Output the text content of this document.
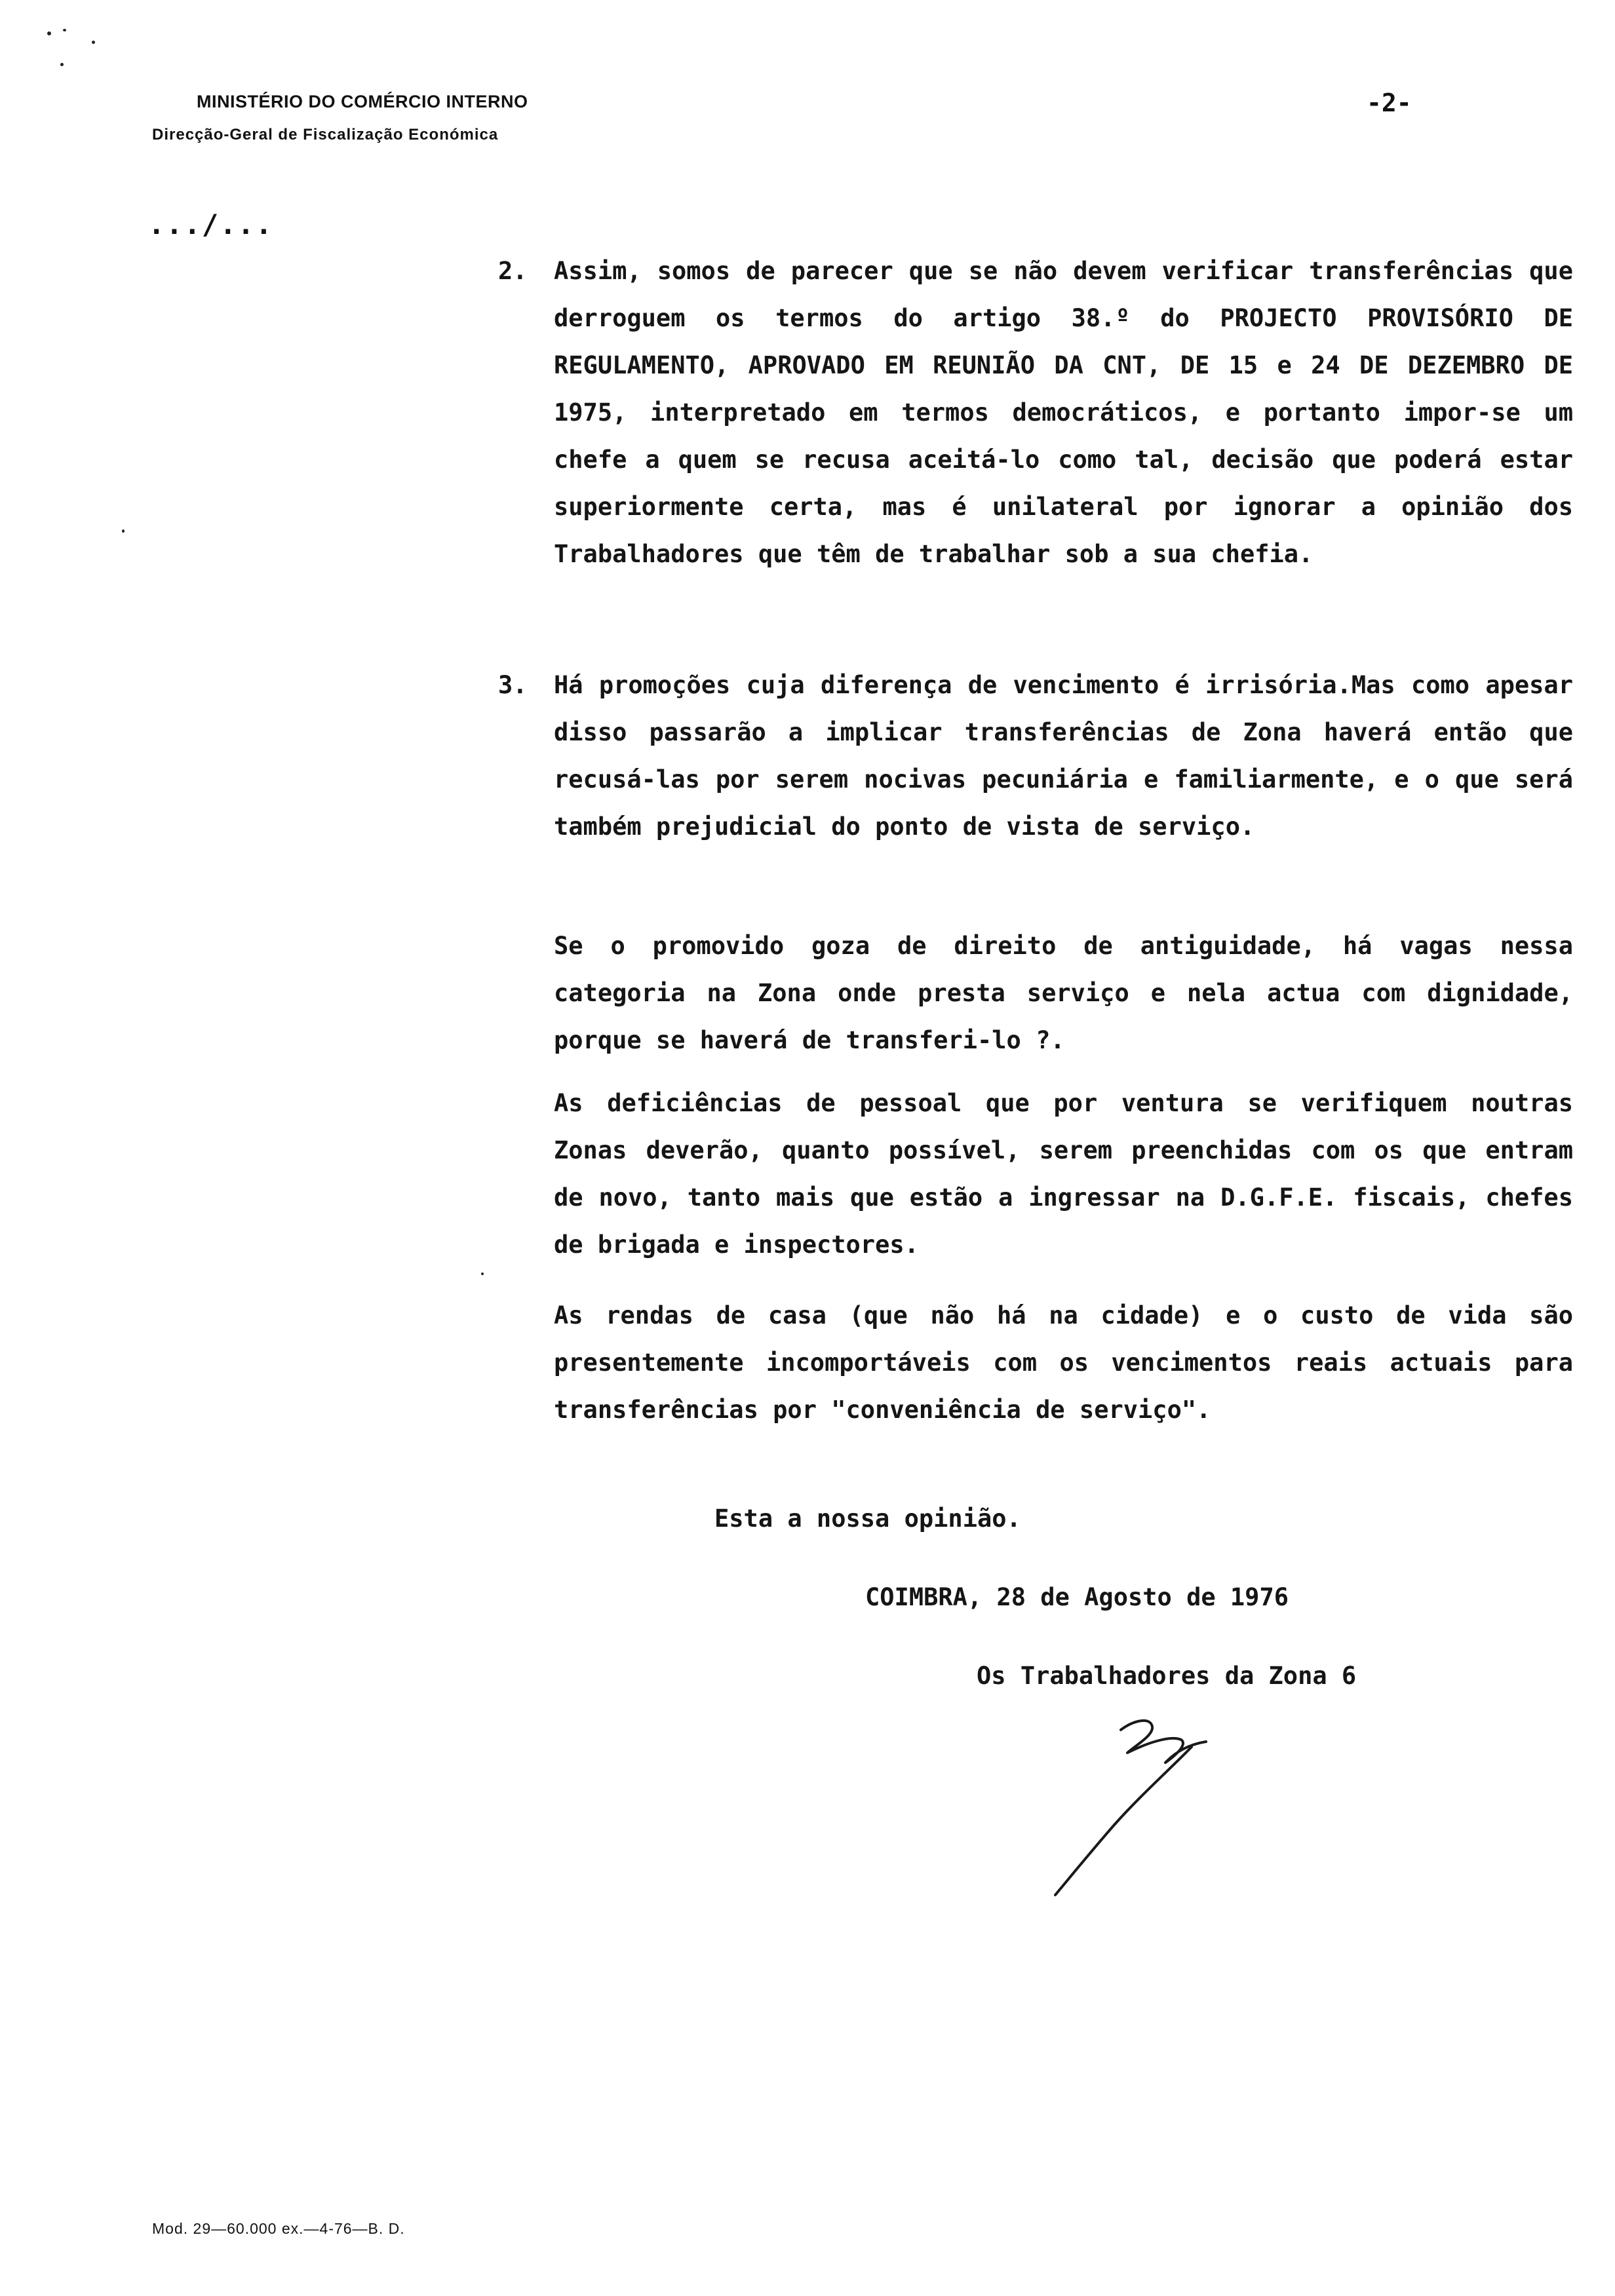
MINISTÉRIO DO COMÉRCIO INTERNO
Direcção-Geral de Fiscalização Económica
-2-
.../...
2. Assim, somos de parecer que se não devem verificar transferências que derroguem os termos do artigo 38.º do PROJECTO PROVISÓRIO DE REGULAMENTO, APROVADO EM REUNIÃO DA CNT, DE 15 e 24 DE DEZEMBRO DE 1975, interpretado em termos democráticos, e portanto impor-se um chefe a quem se recusa aceitá-lo como tal, decisão que poderá estar superiormente certa, mas é unilateral por ignorar a opinião dos Trabalhadores que têm de trabalhar sob a sua chefia.
3. Há promoções cuja diferença de vencimento é irrisória.Mas como apesar disso passarão a implicar transferências de Zona haverá então que recusá-las por serem nocivas pecuniária e familiarmente, e o que será também prejudicial do ponto de vista de serviço.
Se o promovido goza de direito de antiguidade, há vagas nessa categoria na Zona onde presta serviço e nela actua com dignidade, porque se haverá de transferi-lo ?.
As deficiências de pessoal que por ventura se verifiquem noutras Zonas deverão, quanto possível, serem preenchidas com os que entram de novo, tanto mais que estão a ingressar na D.G.F.E. fiscais, chefes de brigada e inspectores.
As rendas de casa (que não há na cidade) e o custo de vida são presentemente incomportáveis com os vencimentos reais actuais para transferências por "conveniência de serviço".
Esta a nossa opinião.
COIMBRA, 28 de Agosto de 1976
Os Trabalhadores da Zona 6
Mod. 29—60.000 ex.—4-76—B. D.
